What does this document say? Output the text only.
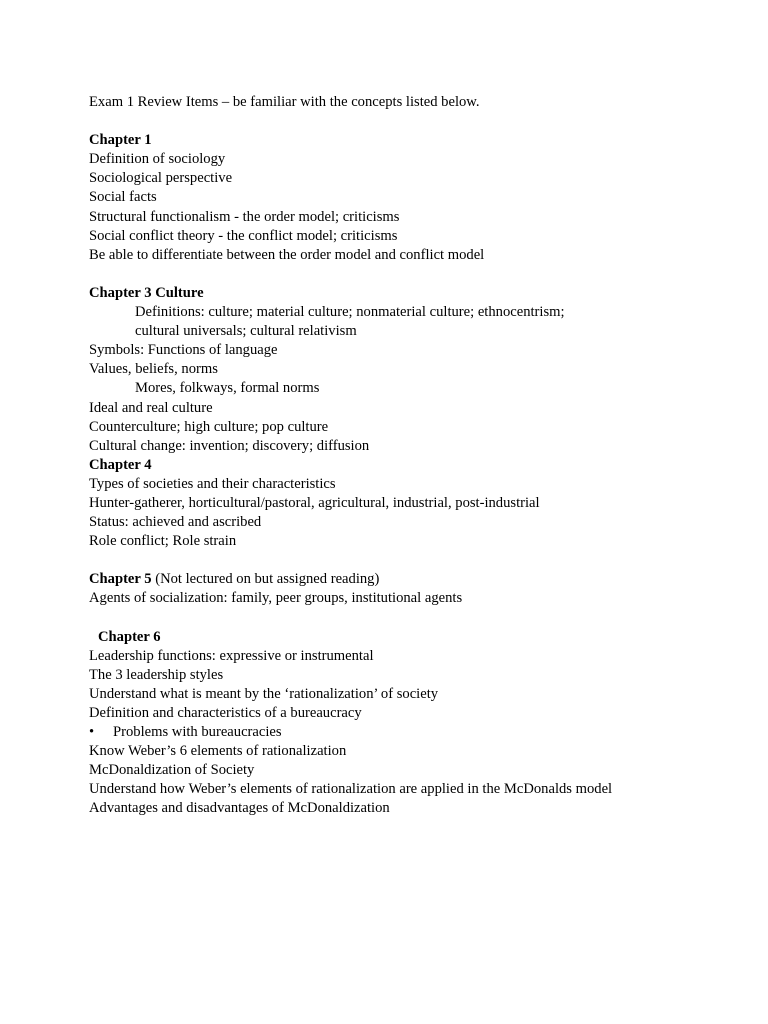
Exam 1 Review Items – be familiar with the concepts listed below.
Chapter 1
Definition of sociology
Sociological perspective
Social facts
Structural functionalism - the order model; criticisms
Social conflict theory - the conflict model; criticisms
Be able to differentiate between the order model and conflict model
Chapter 3 Culture
Definitions: culture; material culture; nonmaterial culture; ethnocentrism;
cultural universals; cultural relativism
Symbols: Functions of language
Values, beliefs, norms
Mores, folkways, formal norms
Ideal and real culture
Counterculture; high culture; pop culture
Cultural change: invention; discovery; diffusion
Chapter 4
Types of societies and their characteristics
Hunter-gatherer, horticultural/pastoral, agricultural, industrial, post-industrial
Status: achieved and ascribed
Role conflict; Role strain
Chapter 5 (Not lectured on but assigned reading)
Agents of socialization: family, peer groups, institutional agents
Chapter 6
Leadership functions: expressive or instrumental
The 3 leadership styles
Understand what is meant by the ‘rationalization’ of society
Definition and characteristics of a bureaucracy
• Problems with bureaucracies
Know Weber’s 6 elements of rationalization
McDonaldization of Society
Understand how Weber’s elements of rationalization are applied in the McDonalds model
Advantages and disadvantages of McDonaldization
